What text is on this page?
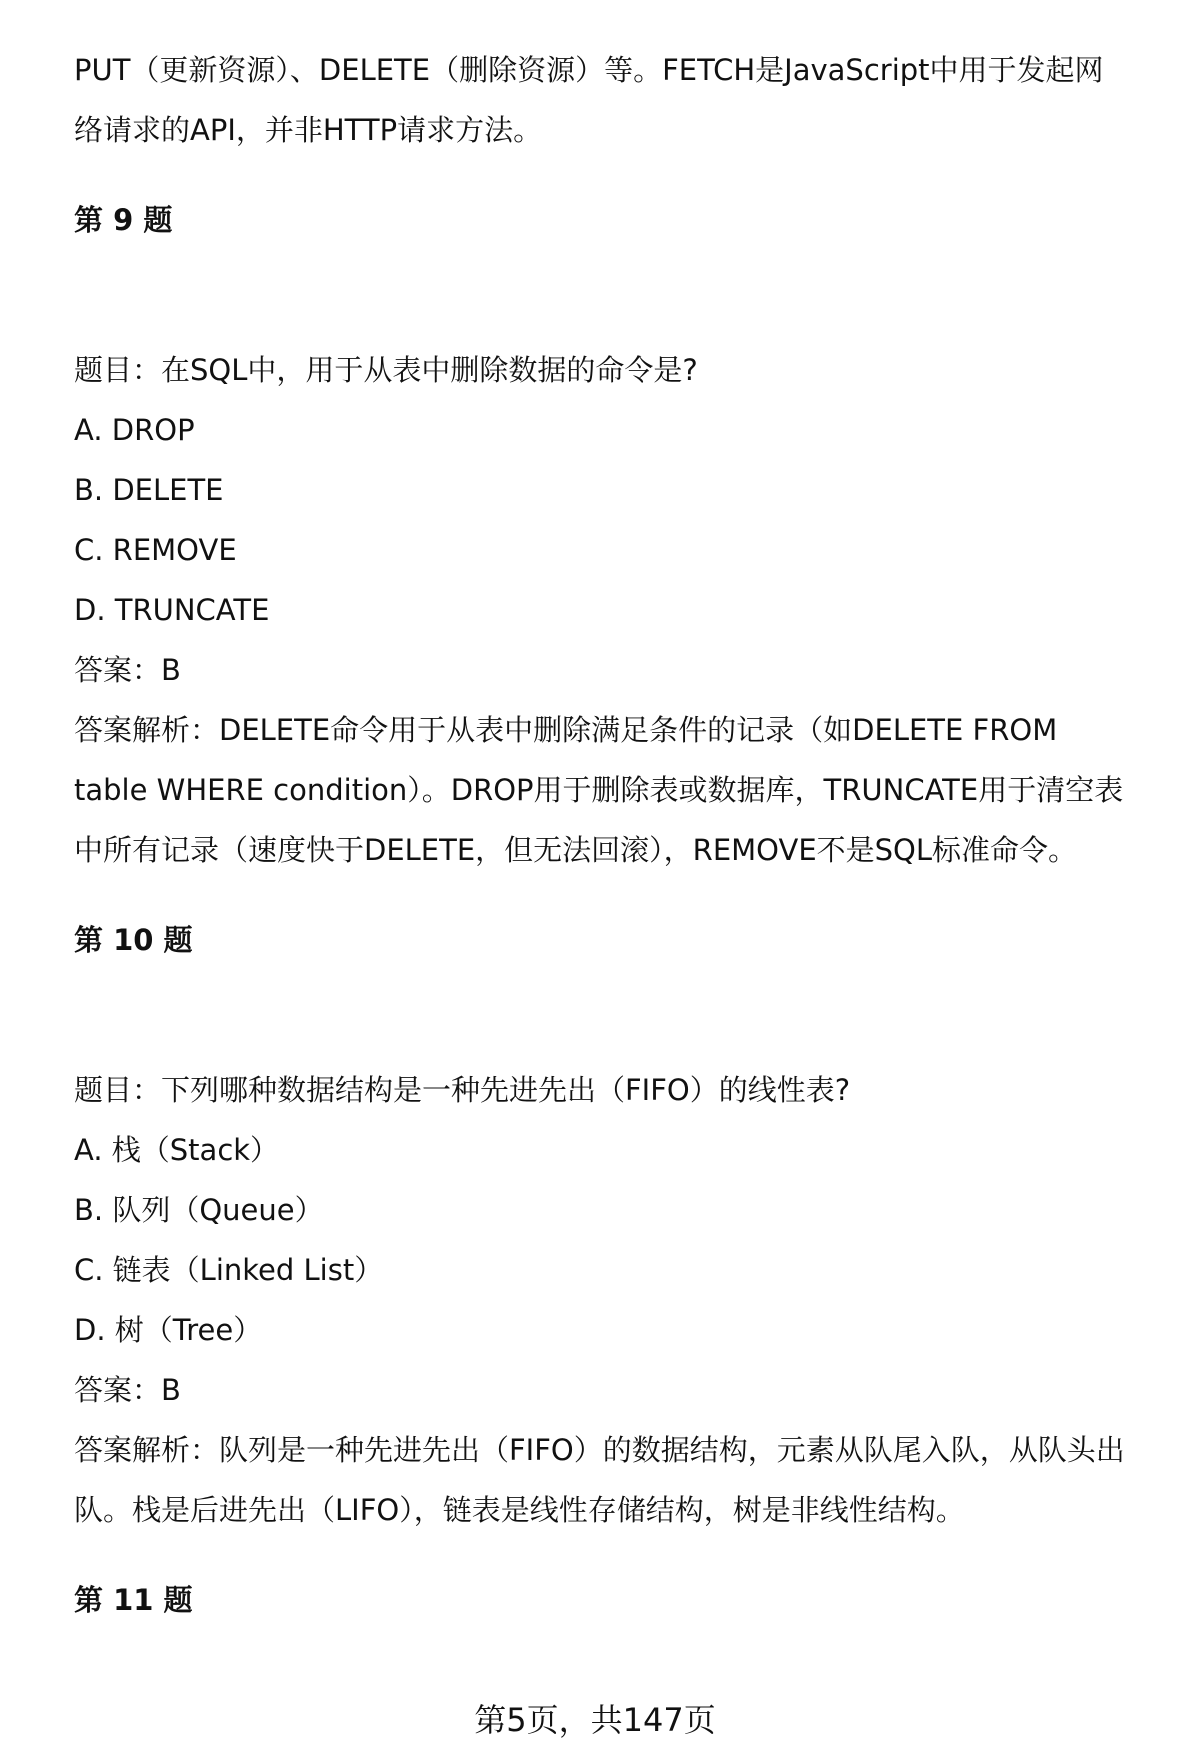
PUT（更新资源）、DELETE（删除资源）等。FETCH是JavaScript中用于发起网
络请求的API，并非HTTP请求方法。
第 9 题
题目：在SQL中，用于从表中删除数据的命令是?
A. DROP
B. DELETE
C. REMOVE
D. TRUNCATE
答案：B
答案解析：DELETE命令用于从表中删除满足条件的记录（如DELETE FROM
table WHERE condition）。DROP用于删除表或数据库，TRUNCATE用于清空表
中所有记录（速度快于DELETE，但无法回滚），REMOVE不是SQL标准命令。
第 10 题
题目：下列哪种数据结构是一种先进先出（FIFO）的线性表?
A. 栈（Stack）
B. 队列（Queue）
C. 链表（Linked List）
D. 树（Tree）
答案：B
答案解析：队列是一种先进先出（FIFO）的数据结构，元素从队尾入队，从队头出
队。栈是后进先出（LIFO），链表是线性存储结构，树是非线性结构。
第 11 题
第5页，共147页
